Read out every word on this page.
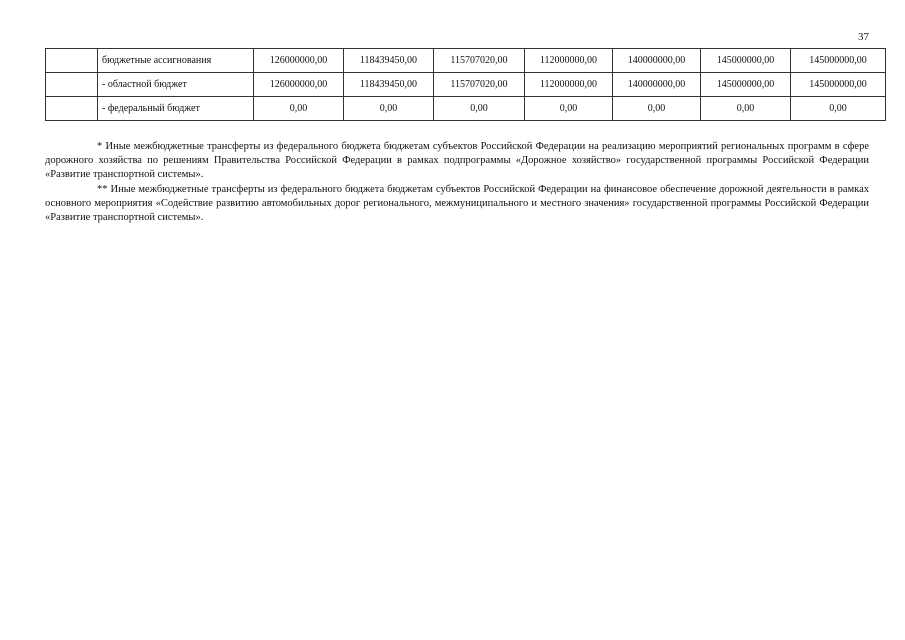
37
	бюджетные ассигнования	126000000,00	118439450,00	115707020,00	112000000,00	140000000,00	145000000,00	145000000,00
	- областной бюджет	126000000,00	118439450,00	115707020,00	112000000,00	140000000,00	145000000,00	145000000,00
	- федеральный бюджет	0,00	0,00	0,00	0,00	0,00	0,00	0,00

* Иные межбюджетные трансферты из федерального бюджета бюджетам субъектов Российской Федерации на реализацию мероприятий региональных программ в сфере дорожного хозяйства по решениям Правительства Российской Федерации в рамках подпрограммы «Дорожное хозяйство» государственной программы Российской Федерации «Развитие транспортной системы».

** Иные межбюджетные трансферты из федерального бюджета бюджетам субъектов Российской Федерации на финансовое обеспечение дорожной деятельности в рамках основного мероприятия «Содействие развитию автомобильных дорог регионального, межмуниципального и местного значения» государственной программы Российской Федерации «Развитие транспортной системы».
